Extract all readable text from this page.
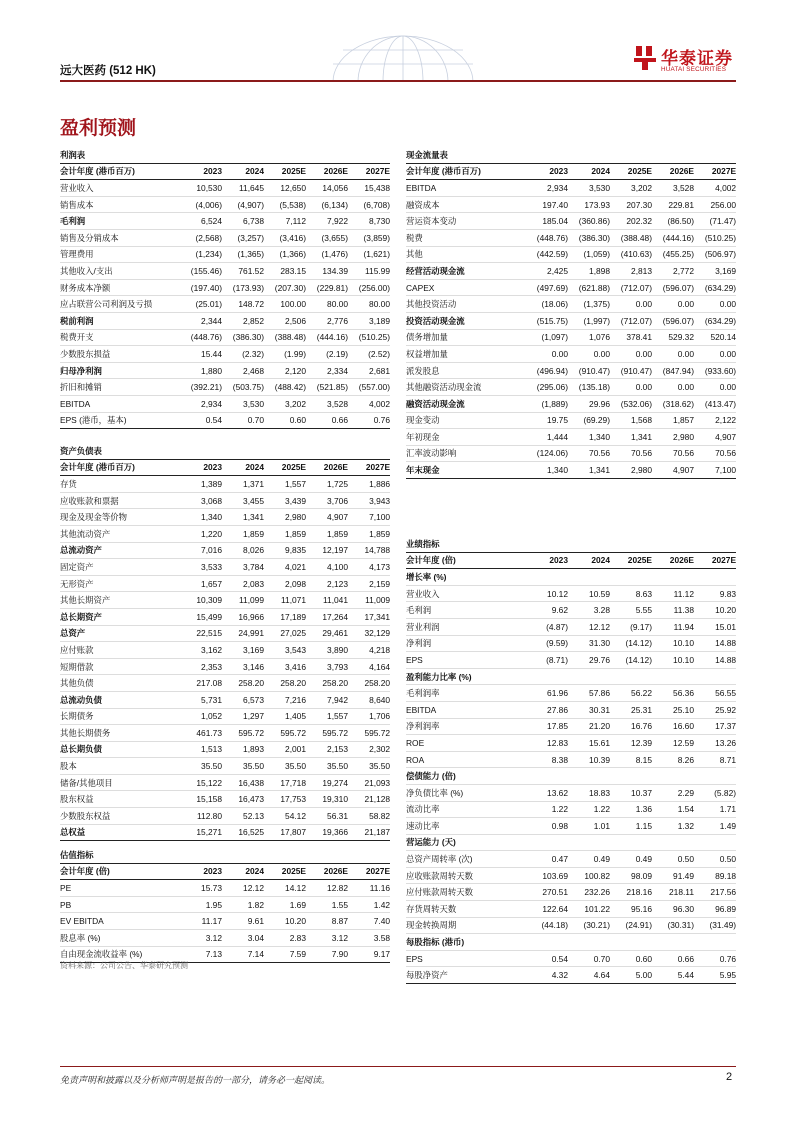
远大医药 (512 HK)
华泰证券
HUATAI SECURITIES
盈利预测
利润表					
会计年度 (港币百万)	2023	2024	2025E	2026E	2027E
营业收入	10,530	11,645	12,650	14,056	15,438
销售成本	(4,006)	(4,907)	(5,538)	(6,134)	(6,708)
毛利润	6,524	6,738	7,112	7,922	8,730
销售及分销成本	(2,568)	(3,257)	(3,416)	(3,655)	(3,859)
管理费用	(1,234)	(1,365)	(1,366)	(1,476)	(1,621)
其他收入/支出	(155.46)	761.52	283.15	134.39	115.99
财务成本净额	(197.40)	(173.93)	(207.30)	(229.81)	(256.00)
应占联营公司利润及亏损	(25.01)	148.72	100.00	80.00	80.00
税前利润	2,344	2,852	2,506	2,776	3,189
税费开支	(448.76)	(386.30)	(388.48)	(444.16)	(510.25)
少数股东损益	15.44	(2.32)	(1.99)	(2.19)	(2.52)
归母净利润	1,880	2,468	2,120	2,334	2,681
折旧和摊销	(392.21)	(503.75)	(488.42)	(521.85)	(557.00)
EBITDA	2,934	3,530	3,202	3,528	4,002
EPS (港币，基本)	0.54	0.70	0.60	0.66	0.76
现金流量表					
会计年度 (港币百万)	2023	2024	2025E	2026E	2027E
EBITDA	2,934	3,530	3,202	3,528	4,002
融资成本	197.40	173.93	207.30	229.81	256.00
营运资本变动	185.04	(360.86)	202.32	(86.50)	(71.47)
税费	(448.76)	(386.30)	(388.48)	(444.16)	(510.25)
其他	(442.59)	(1,059)	(410.63)	(455.25)	(506.97)
经营活动现金流	2,425	1,898	2,813	2,772	3,169
CAPEX	(497.69)	(621.88)	(712.07)	(596.07)	(634.29)
其他投资活动	(18.06)	(1,375)	0.00	0.00	0.00
投资活动现金流	(515.75)	(1,997)	(712.07)	(596.07)	(634.29)
债务增加量	(1,097)	1,076	378.41	529.32	520.14
权益增加量	0.00	0.00	0.00	0.00	0.00
派发股息	(496.94)	(910.47)	(910.47)	(847.94)	(933.60)
其他融资活动现金流	(295.06)	(135.18)	0.00	0.00	0.00
融资活动现金流	(1,889)	29.96	(532.06)	(318.62)	(413.47)
现金变动	19.75	(69.29)	1,568	1,857	2,122
年初现金	1,444	1,340	1,341	2,980	4,907
汇率波动影响	(124.06)	70.56	70.56	70.56	70.56
年末现金	1,340	1,341	2,980	4,907	7,100
资产负债表					
会计年度 (港币百万)	2023	2024	2025E	2026E	2027E
存货	1,389	1,371	1,557	1,725	1,886
应收账款和票据	3,068	3,455	3,439	3,706	3,943
现金及现金等价物	1,340	1,341	2,980	4,907	7,100
其他流动资产	1,220	1,859	1,859	1,859	1,859
总流动资产	7,016	8,026	9,835	12,197	14,788
固定资产	3,533	3,784	4,021	4,100	4,173
无形资产	1,657	2,083	2,098	2,123	2,159
其他长期资产	10,309	11,099	11,071	11,041	11,009
总长期资产	15,499	16,966	17,189	17,264	17,341
总资产	22,515	24,991	27,025	29,461	32,129
应付账款	3,162	3,169	3,543	3,890	4,218
短期借款	2,353	3,146	3,416	3,793	4,164
其他负债	217.08	258.20	258.20	258.20	258.20
总流动负债	5,731	6,573	7,216	7,942	8,640
长期债务	1,052	1,297	1,405	1,557	1,706
其他长期债务	461.73	595.72	595.72	595.72	595.72
总长期负债	1,513	1,893	2,001	2,153	2,302
股本	35.50	35.50	35.50	35.50	35.50
储备/其他项目	15,122	16,438	17,718	19,274	21,093
股东权益	15,158	16,473	17,753	19,310	21,128
少数股东权益	112.80	52.13	54.12	56.31	58.82
总权益	15,271	16,525	17,807	19,366	21,187
业绩指标					
会计年度 (倍)	2023	2024	2025E	2026E	2027E
增长率 (%)					
营业收入	10.12	10.59	8.63	11.12	9.83
毛利润	9.62	3.28	5.55	11.38	10.20
营业利润	(4.87)	12.12	(9.17)	11.94	15.01
净利润	(9.59)	31.30	(14.12)	10.10	14.88
EPS	(8.71)	29.76	(14.12)	10.10	14.88
盈利能力比率 (%)					
毛利润率	61.96	57.86	56.22	56.36	56.55
EBITDA	27.86	30.31	25.31	25.10	25.92
净利润率	17.85	21.20	16.76	16.60	17.37
ROE	12.83	15.61	12.39	12.59	13.26
ROA	8.38	10.39	8.15	8.26	8.71
偿债能力 (倍)					
净负债比率 (%)	13.62	18.83	10.37	2.29	(5.82)
流动比率	1.22	1.22	1.36	1.54	1.71
速动比率	0.98	1.01	1.15	1.32	1.49
营运能力 (天)					
总资产周转率 (次)	0.47	0.49	0.49	0.50	0.50
应收账款周转天数	103.69	100.82	98.09	91.49	89.18
应付账款周转天数	270.51	232.26	218.16	218.11	217.56
存货周转天数	122.64	101.22	95.16	96.30	96.89
现金转换周期	(44.18)	(30.21)	(24.91)	(30.31)	(31.49)
每股指标 (港币)					
EPS	0.54	0.70	0.60	0.66	0.76
每股净资产	4.32	4.64	5.00	5.44	5.95
估值指标					
会计年度 (倍)	2023	2024	2025E	2026E	2027E
PE	15.73	12.12	14.12	12.82	11.16
PB	1.95	1.82	1.69	1.55	1.42
EV EBITDA	11.17	9.61	10.20	8.87	7.40
股息率 (%)	3.12	3.04	2.83	3.12	3.58
自由现金流收益率 (%)	7.13	7.14	7.59	7.90	9.17
资料来源：公司公告、华泰研究预测
免责声明和披露以及分析师声明是报告的一部分，请务必一起阅读。	2
